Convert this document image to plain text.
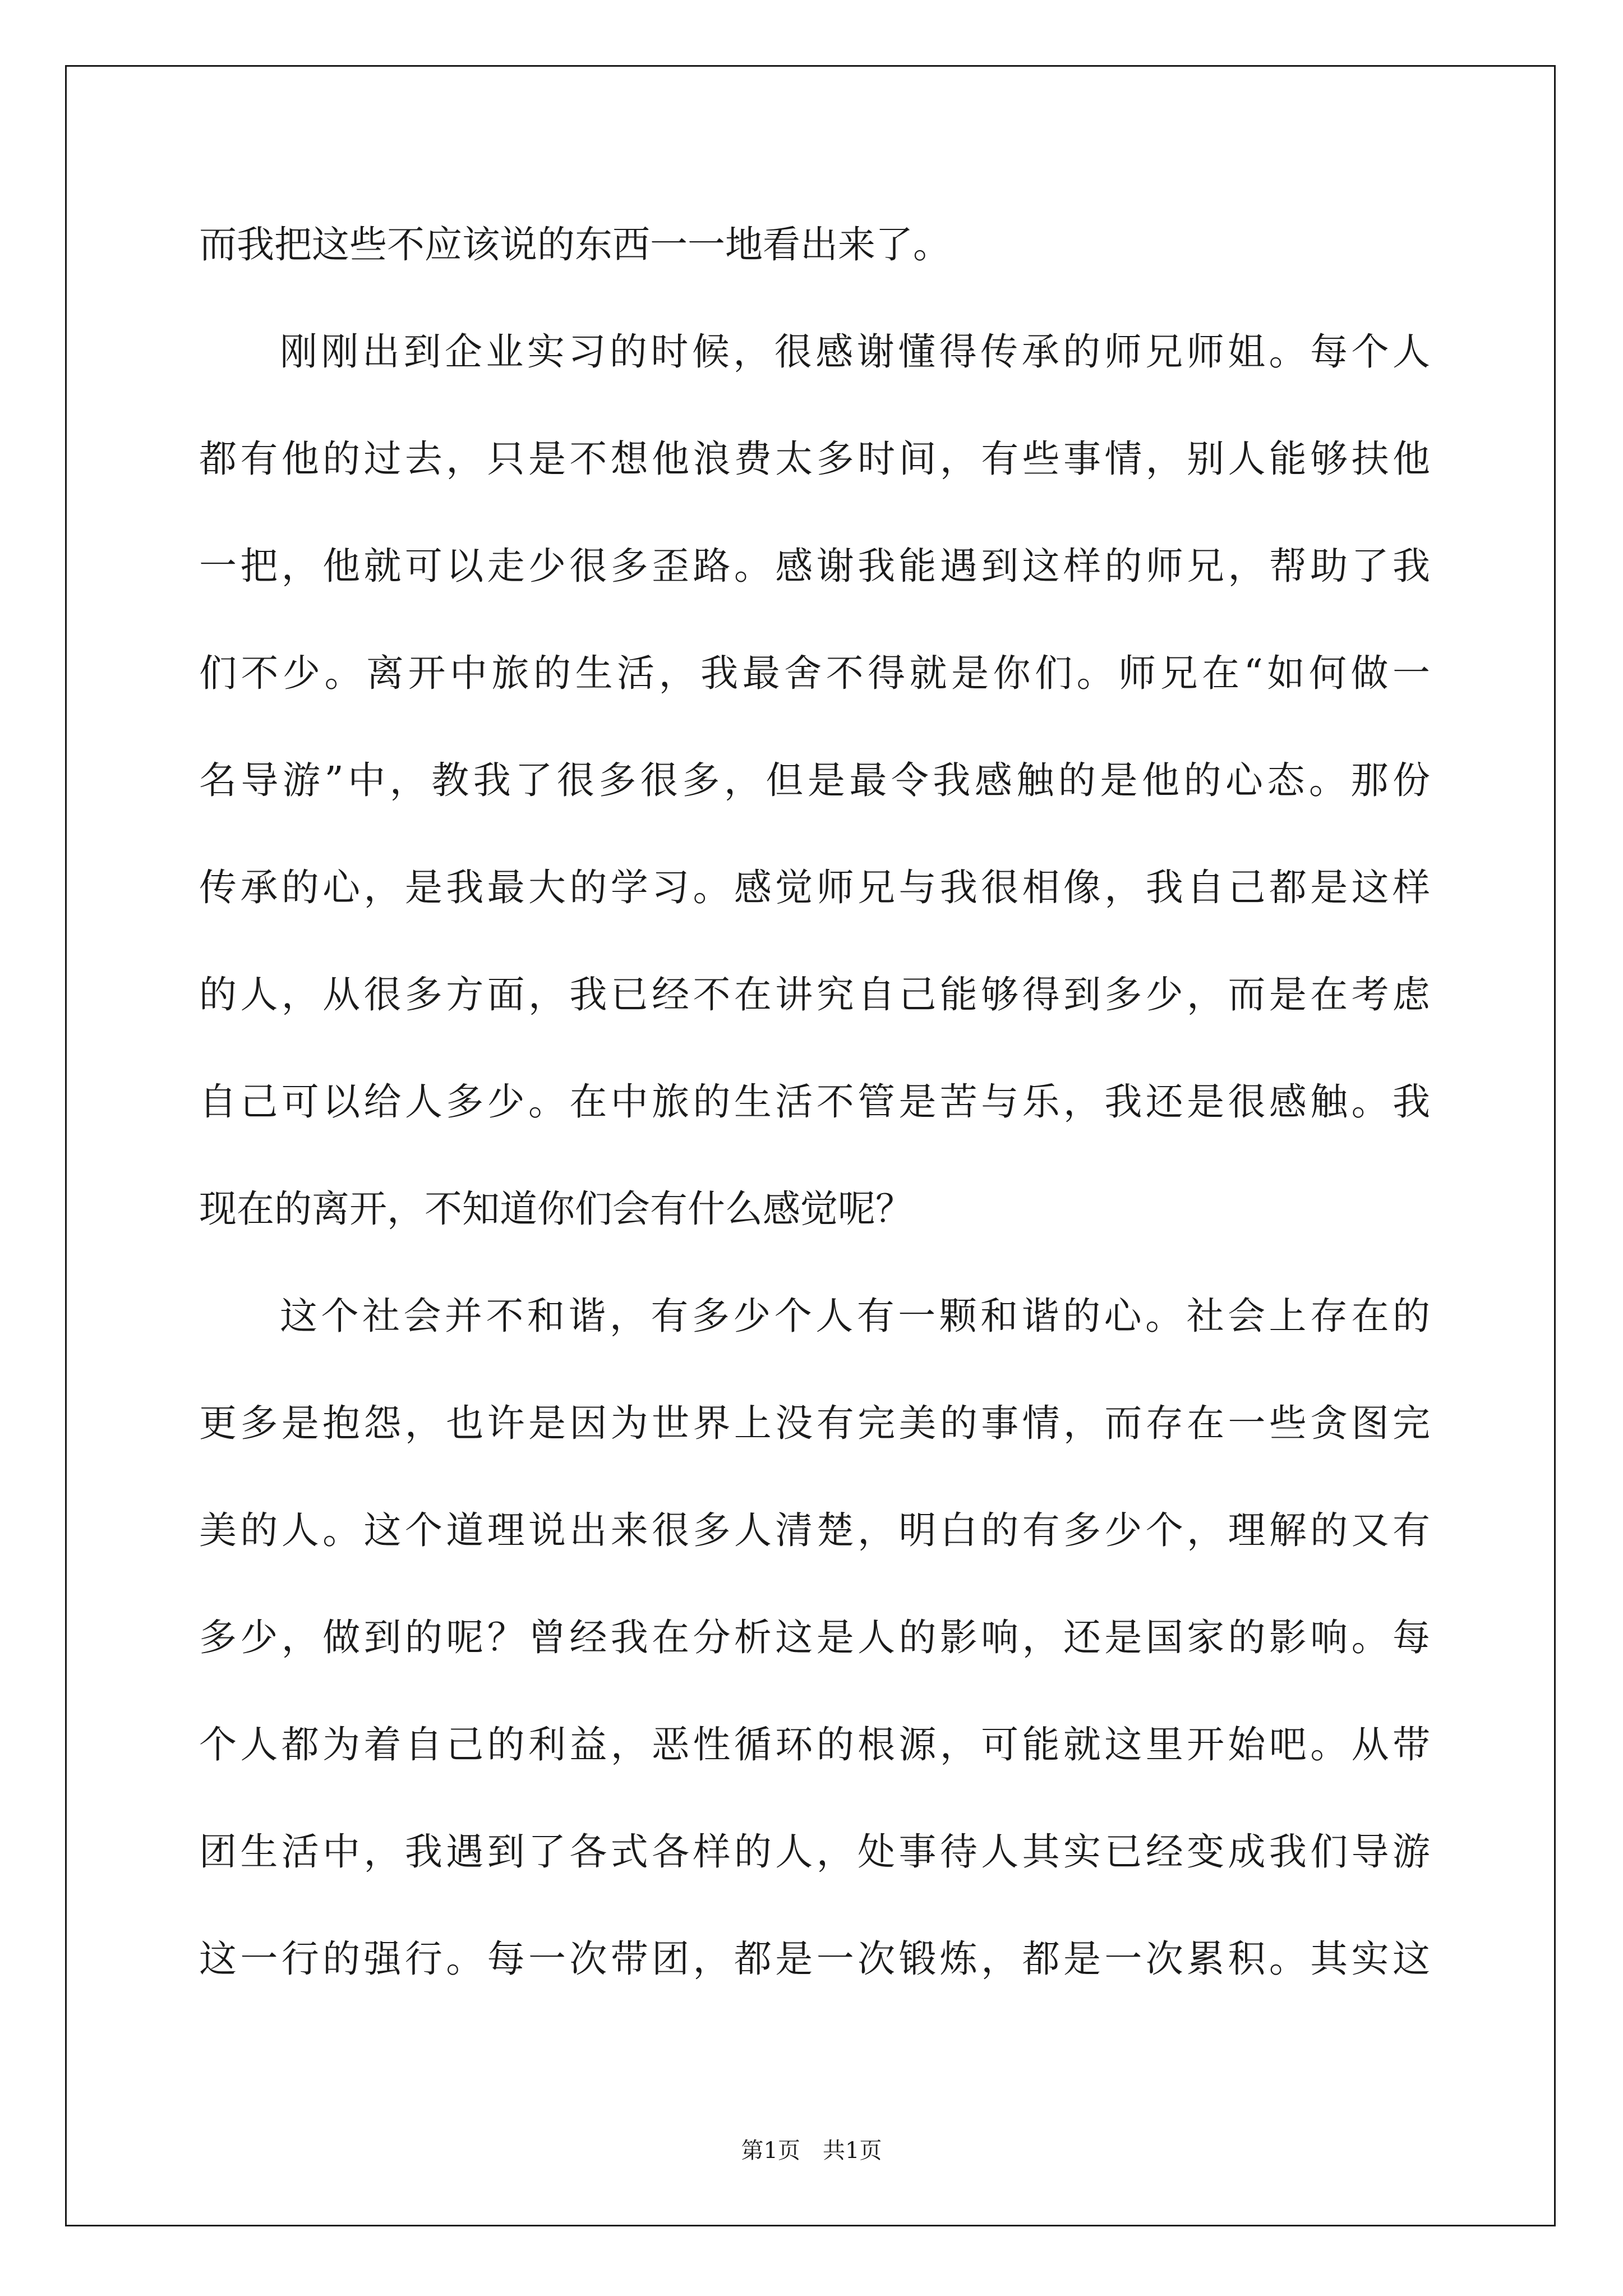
而我把这些不应该说的东西一一地看出来了。
刚刚出到企业实习的时候，很感谢懂得传承的师兄师姐。每个人
都有他的过去，只是不想他浪费太多时间，有些事情，别人能够扶他
一把，他就可以走少很多歪路。感谢我能遇到这样的师兄，帮助了我
们不少。离开中旅的生活，我最舍不得就是你们。师兄在“如何做一
名导游”中，教我了很多很多，但是最令我感触的是他的心态。那份
传承的心，是我最大的学习。感觉师兄与我很相像，我自己都是这样
的人，从很多方面，我已经不在讲究自己能够得到多少，而是在考虑
自己可以给人多少。在中旅的生活不管是苦与乐，我还是很感触。我
现在的离开，不知道你们会有什么感觉呢？
这个社会并不和谐，有多少个人有一颗和谐的心。社会上存在的
更多是抱怨，也许是因为世界上没有完美的事情，而存在一些贪图完
美的人。这个道理说出来很多人清楚，明白的有多少个，理解的又有
多少，做到的呢？曾经我在分析这是人的影响，还是国家的影响。每
个人都为着自己的利益，恶性循环的根源，可能就这里开始吧。从带
团生活中，我遇到了各式各样的人，处事待人其实已经变成我们导游
这一行的强行。每一次带团，都是一次锻炼，都是一次累积。其实这
第1页　共1页
